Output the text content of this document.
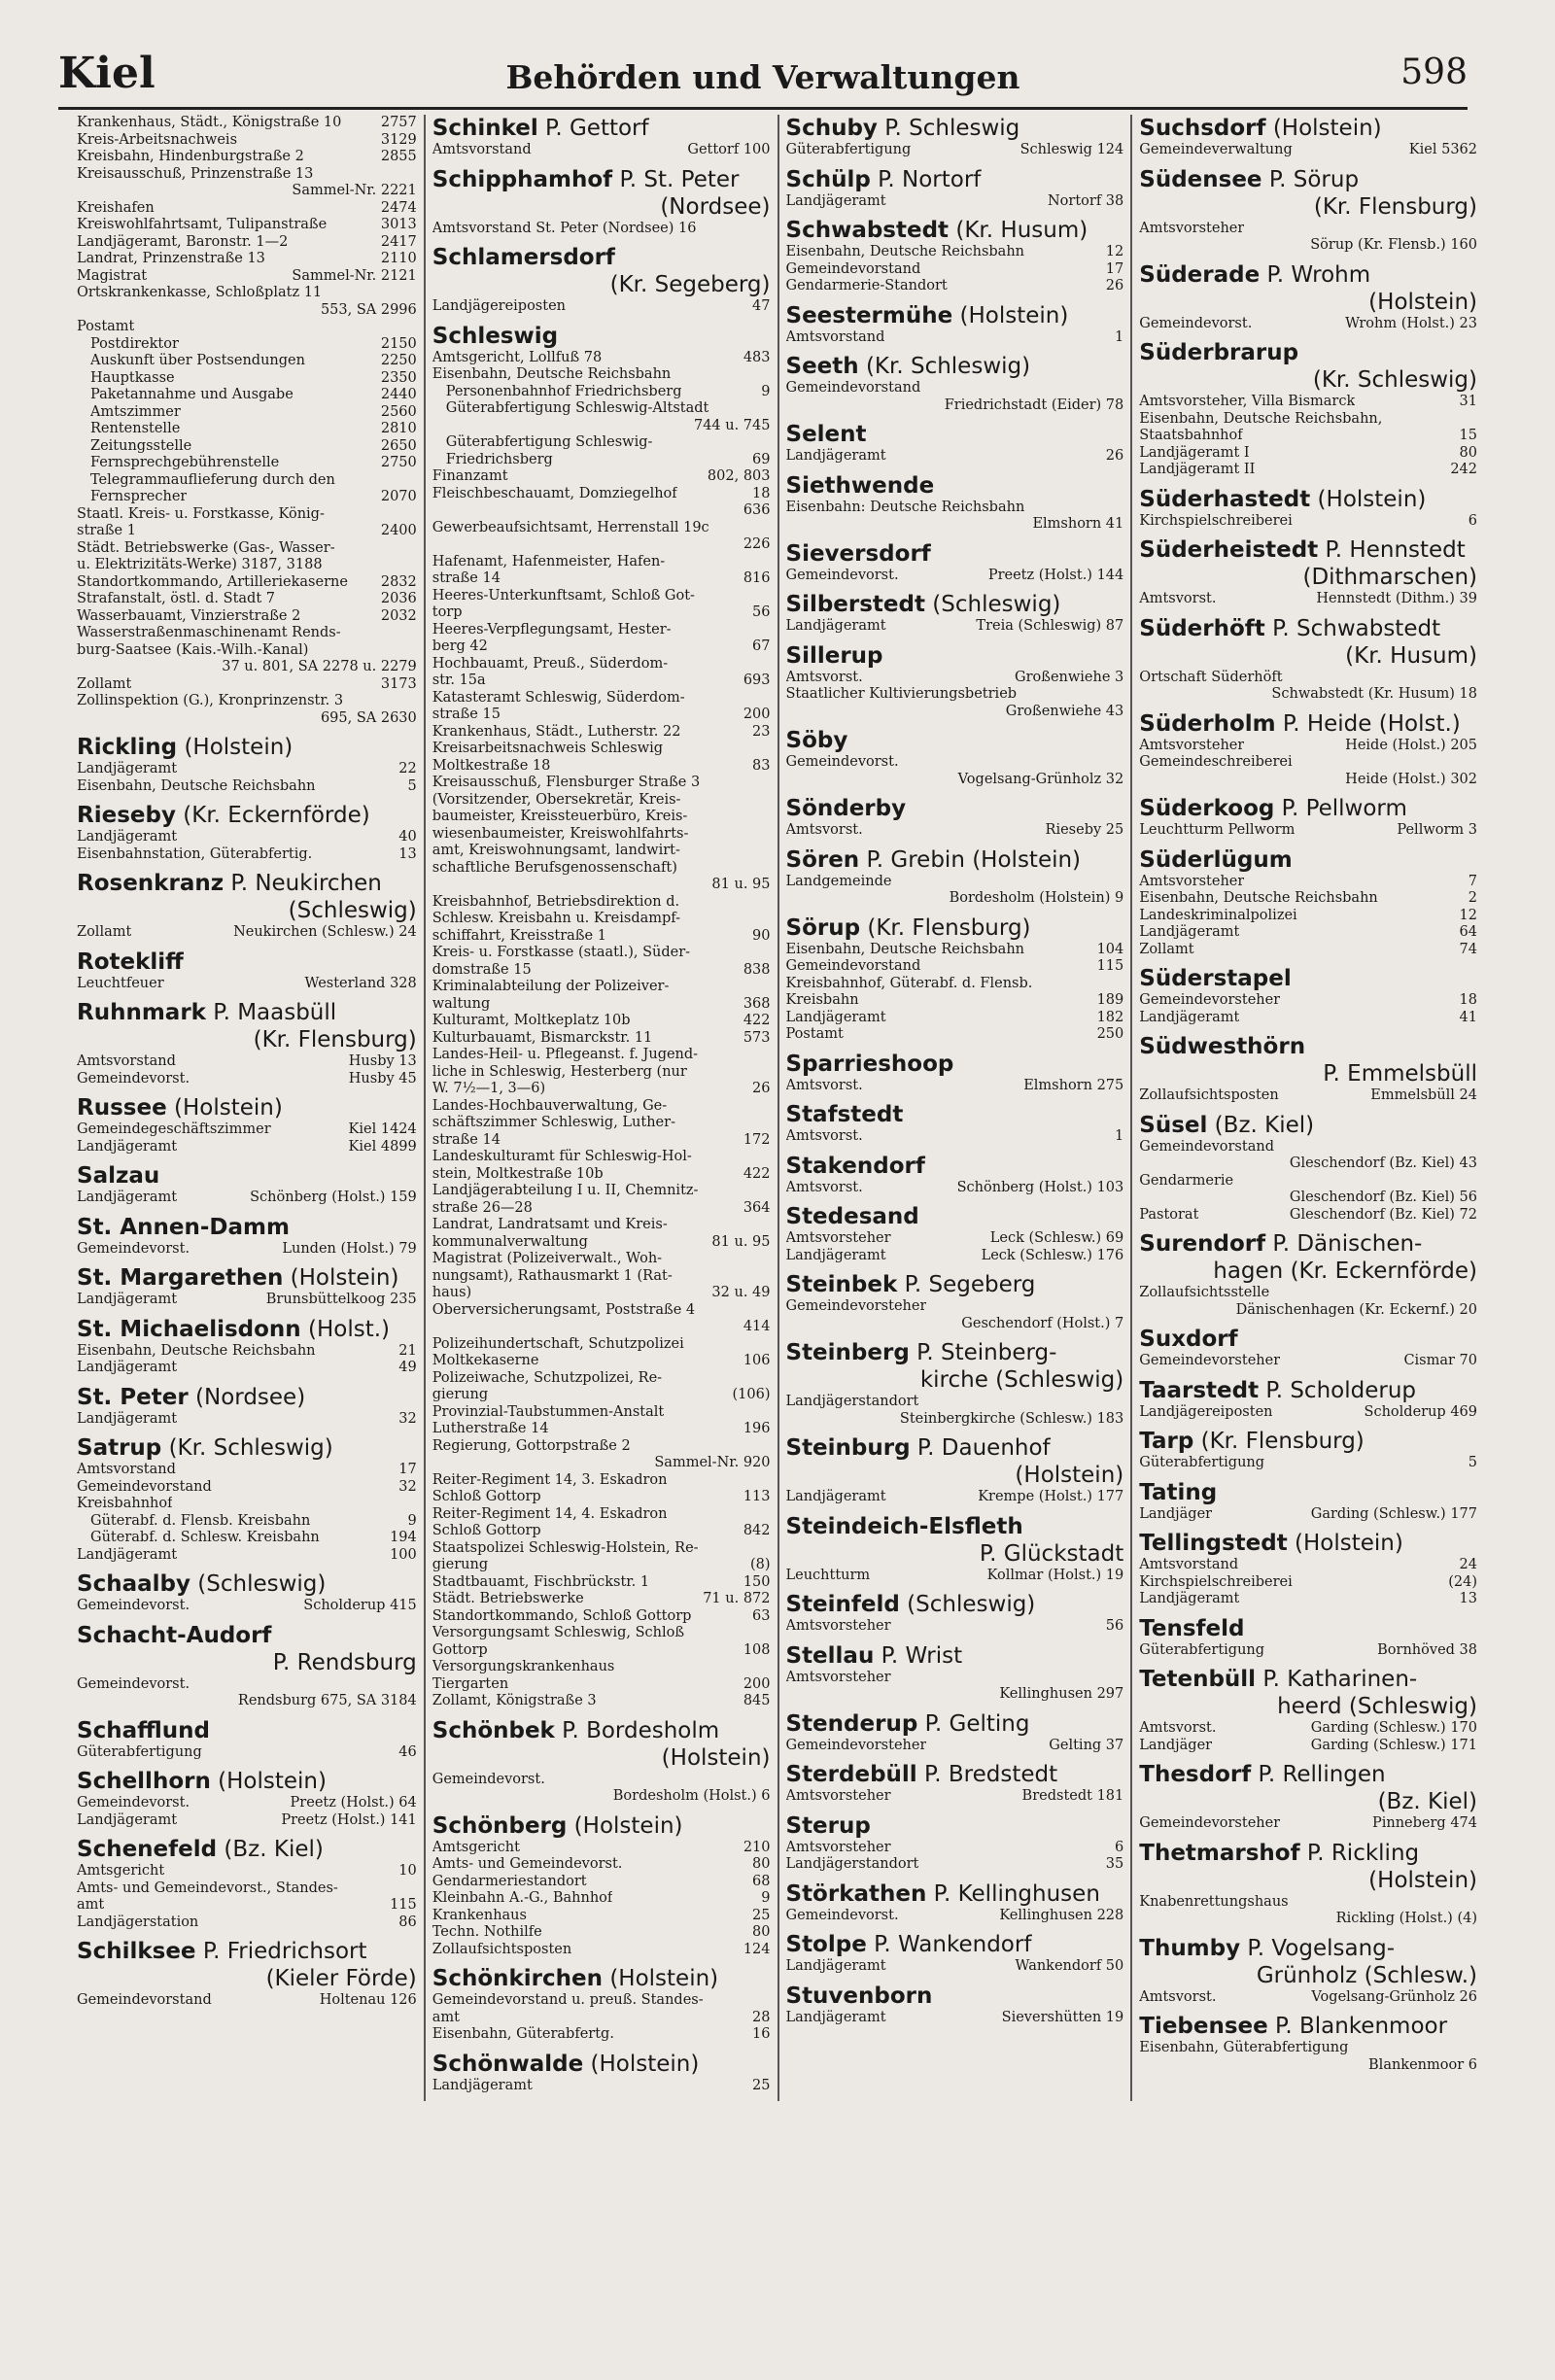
Kiel	Behörden und Verwaltungen	598
Krankenhaus, Städt., Königstraße 10	2757
Kreis-Arbeitsnachweis	3129
Kreisbahn, Hindenburgstraße 2	2855
Kreisausschuß, Prinzenstraße 13
Sammel-Nr. 2221
Kreishafen	2474
Kreiswohlfahrtsamt, Tulipanstraße	3013
Landjägeramt, Baronstr. 1—2	2417
Landrat, Prinzenstraße 13	2110
Magistrat	Sammel-Nr. 2121
Ortskrankenkasse, Schloßplatz 11
553, SA 2996
Postamt
Postdirektor	2150
Auskunft über Postsendungen	2250
Hauptkasse	2350
Paketannahme und Ausgabe	2440
Amtszimmer	2560
Rentenstelle	2810
Zeitungsstelle	2650
Fernsprechgebührenstelle	2750
Telegrammauflieferung durch den
Fernsprecher	2070
Staatl. Kreis- u. Forstkasse, König-
straße 1	2400
Städt. Betriebswerke (Gas-, Wasser-
u. Elektrizitäts-Werke) 3187, 3188
Standortkommando, Artilleriekaserne	2832
Strafanstalt, östl. d. Stadt 7	2036
Wasserbauamt, Vinzierstraße 2	2032
Wasserstraßenmaschinenamt Rends-
burg-Saatsee (Kais.-Wilh.-Kanal)
37 u. 801, SA 2278 u. 2279
Zollamt	3173
Zollinspektion (G.), Kronprinzenstr. 3
695, SA 2630
Rickling (Holstein)
Landjägeramt	22
Eisenbahn, Deutsche Reichsbahn	5
Rieseby (Kr. Eckernförde)
Landjägeramt	40
Eisenbahnstation, Güterabfertig.	13
Rosenkranz P. Neukirchen
(Schleswig)
Zollamt	Neukirchen (Schlesw.) 24
Rotekliff
Leuchtfeuer	Westerland 328
Ruhnmark P. Maasbüll
(Kr. Flensburg)
Amtsvorstand	Husby 13
Gemeindevorst.	Husby 45
Russee (Holstein)
Gemeindegeschäftszimmer	Kiel 1424
Landjägeramt	Kiel 4899
Salzau
Landjägeramt	Schönberg (Holst.) 159
St. Annen-Damm
Gemeindevorst.	Lunden (Holst.) 79
St. Margarethen (Holstein)
Landjägeramt	Brunsbüttelkoog 235
St. Michaelisdonn (Holst.)
Eisenbahn, Deutsche Reichsbahn	21
Landjägeramt	49
St. Peter (Nordsee)
Landjägeramt	32
Satrup (Kr. Schleswig)
Amtsvorstand	17
Gemeindevorstand	32
Kreisbahnhof
Güterabf. d. Flensb. Kreisbahn	9
Güterabf. d. Schlesw. Kreisbahn	194
Landjägeramt	100
Schaalby (Schleswig)
Gemeindevorst.	Scholderup 415
Schacht-Audorf
P. Rendsburg
Gemeindevorst.
Rendsburg 675, SA 3184
Schafflund
Güterabfertigung	46
Schellhorn (Holstein)
Gemeindevorst.	Preetz (Holst.) 64
Landjägeramt	Preetz (Holst.) 141
Schenefeld (Bz. Kiel)
Amtsgericht	10
Amts- und Gemeindevorst., Standes-
amt	115
Landjägerstation	86
Schilksee P. Friedrichsort
(Kieler Förde)
Gemeindevorstand	Holtenau 126
Schinkel P. Gettorf
Amtsvorstand	Gettorf 100
Schipphamhof P. St. Peter
(Nordsee)
Amtsvorstand St. Peter (Nordsee) 16
Schlamersdorf
(Kr. Segeberg)
Landjägereiposten	47
Schleswig
Amtsgericht, Lollfuß 78	483
Eisenbahn, Deutsche Reichsbahn
Personenbahnhof Friedrichsberg	9
Güterabfertigung Schleswig-Altstadt
744 u. 745
Güterabfertigung Schleswig-
Friedrichsberg	69
Finanzamt	802, 803
Fleischbeschauamt, Domziegelhof	18
636
Gewerbeaufsichtsamt, Herrenstall 19c
226
Hafenamt, Hafenmeister, Hafen-
straße 14	816
Heeres-Unterkunftsamt, Schloß Got-
torp	56
Heeres-Verpflegungsamt, Hester-
berg 42	67
Hochbauamt, Preuß., Süderdom-
str. 15a	693
Katasteramt Schleswig, Süderdom-
straße 15	200
Krankenhaus, Städt., Lutherstr. 22	23
Kreisarbeitsnachweis Schleswig
Moltkestraße 18	83
Kreisausschuß, Flensburger Straße 3
(Vorsitzender, Obersekretär, Kreis-
baumeister, Kreissteuerbüro, Kreis-
wiesenbaumeister, Kreiswohlfahrts-
amt, Kreiswohnungsamt, landwirt-
schaftliche Berufsgenossenschaft)
81 u. 95
Kreisbahnhof, Betriebsdirektion d.
Schlesw. Kreisbahn u. Kreisdampf-
schiffahrt, Kreisstraße 1	90
Kreis- u. Forstkasse (staatl.), Süder-
domstraße 15	838
Kriminalabteilung der Polizeiver-
waltung	368
Kulturamt, Moltkeplatz 10b	422
Kulturbauamt, Bismarckstr. 11	573
Landes-Heil- u. Pflegeanst. f. Jugend-
liche in Schleswig, Hesterberg (nur
W. 7½—1, 3—6)	26
Landes-Hochbauverwaltung, Ge-
schäftszimmer Schleswig, Luther-
straße 14	172
Landeskulturamt für Schleswig-Hol-
stein, Moltkestraße 10b	422
Landjägerabteilung I u. II, Chemnitz-
straße 26—28	364
Landrat, Landratsamt und Kreis-
kommunalverwaltung	81 u. 95
Magistrat (Polizeiverwalt., Woh-
nungsamt), Rathausmarkt 1 (Rat-
haus)	32 u. 49
Oberversicherungsamt, Poststraße 4
414
Polizeihundertschaft, Schutzpolizei
Moltkekaserne	106
Polizeiwache, Schutzpolizei, Re-
gierung	(106)
Provinzial-Taubstummen-Anstalt
Lutherstraße 14	196
Regierung, Gottorpstraße 2
Sammel-Nr. 920
Reiter-Regiment 14, 3. Eskadron
Schloß Gottorp	113
Reiter-Regiment 14, 4. Eskadron
Schloß Gottorp	842
Staatspolizei Schleswig-Holstein, Re-
gierung	(8)
Stadtbauamt, Fischbrückstr. 1	150
Städt. Betriebswerke	71 u. 872
Standortkommando, Schloß Gottorp	63
Versorgungsamt Schleswig, Schloß
Gottorp	108
Versorgungskrankenhaus
Tiergarten	200
Zollamt, Königstraße 3	845
Schönbek P. Bordesholm
(Holstein)
Gemeindevorst.
Bordesholm (Holst.) 6
Schönberg (Holstein)
Amtsgericht	210
Amts- und Gemeindevorst.	80
Gendarmeriestandort	68
Kleinbahn A.-G., Bahnhof	9
Krankenhaus	25
Techn. Nothilfe	80
Zollaufsichtsposten	124
Schönkirchen (Holstein)
Gemeindevorstand u. preuß. Standes-
amt	28
Eisenbahn, Güterabfertg.	16
Schönwalde (Holstein)
Landjägeramt	25
Schuby P. Schleswig
Güterabfertigung	Schleswig 124
Schülp P. Nortorf
Landjägeramt	Nortorf 38
Schwabstedt (Kr. Husum)
Eisenbahn, Deutsche Reichsbahn	12
Gemeindevorstand	17
Gendarmerie-Standort	26
Seestermühe (Holstein)
Amtsvorstand	1
Seeth (Kr. Schleswig)
Gemeindevorstand
Friedrichstadt (Eider) 78
Selent
Landjägeramt	26
Siethwende
Eisenbahn: Deutsche Reichsbahn
Elmshorn 41
Sieversdorf
Gemeindevorst.	Preetz (Holst.) 144
Silberstedt (Schleswig)
Landjägeramt	Treia (Schleswig) 87
Sillerup
Amtsvorst.	Großenwiehe 3
Staatlicher Kultivierungsbetrieb
Großenwiehe 43
Söby
Gemeindevorst.
Vogelsang-Grünholz 32
Sönderby
Amtsvorst.	Rieseby 25
Sören P. Grebin (Holstein)
Landgemeinde
Bordesholm (Holstein) 9
Sörup (Kr. Flensburg)
Eisenbahn, Deutsche Reichsbahn	104
Gemeindevorstand	115
Kreisbahnhof, Güterabf. d. Flensb.
Kreisbahn	189
Landjägeramt	182
Postamt	250
Sparrieshoop
Amtsvorst.	Elmshorn 275
Stafstedt
Amtsvorst.	1
Stakendorf
Amtsvorst.	Schönberg (Holst.) 103
Stedesand
Amtsvorsteher	Leck (Schlesw.) 69
Landjägeramt	Leck (Schlesw.) 176
Steinbek P. Segeberg
Gemeindevorsteher
Geschendorf (Holst.) 7
Steinberg P. Steinberg-
kirche (Schleswig)
Landjägerstandort
Steinbergkirche (Schlesw.) 183
Steinburg P. Dauenhof
(Holstein)
Landjägeramt	Krempe (Holst.) 177
Steindeich-Elsfleth
P. Glückstadt
Leuchtturm	Kollmar (Holst.) 19
Steinfeld (Schleswig)
Amtsvorsteher	56
Stellau P. Wrist
Amtsvorsteher
Kellinghusen 297
Stenderup P. Gelting
Gemeindevorsteher	Gelting 37
Sterdebüll P. Bredstedt
Amtsvorsteher	Bredstedt 181
Sterup
Amtsvorsteher	6
Landjägerstandort	35
Störkathen P. Kellinghusen
Gemeindevorst.	Kellinghusen 228
Stolpe P. Wankendorf
Landjägeramt	Wankendorf 50
Stuvenborn
Landjägeramt	Sievershütten 19
Suchsdorf (Holstein)
Gemeindeverwaltung	Kiel 5362
Südensee P. Sörup
(Kr. Flensburg)
Amtsvorsteher
Sörup (Kr. Flensb.) 160
Süderade P. Wrohm
(Holstein)
Gemeindevorst.	Wrohm (Holst.) 23
Süderbrarup
(Kr. Schleswig)
Amtsvorsteher, Villa Bismarck	31
Eisenbahn, Deutsche Reichsbahn,
Staatsbahnhof	15
Landjägeramt I	80
Landjägeramt II	242
Süderhastedt (Holstein)
Kirchspielschreiberei	6
Süderheistedt P. Hennstedt
(Dithmarschen)
Amtsvorst.	Hennstedt (Dithm.) 39
Süderhöft P. Schwabstedt
(Kr. Husum)
Ortschaft Süderhöft
Schwabstedt (Kr. Husum) 18
Süderholm P. Heide (Holst.)
Amtsvorsteher	Heide (Holst.) 205
Gemeindeschreiberei
Heide (Holst.) 302
Süderkoog P. Pellworm
Leuchtturm Pellworm	Pellworm 3
Süderlügum
Amtsvorsteher	7
Eisenbahn, Deutsche Reichsbahn	2
Landeskriminalpolizei	12
Landjägeramt	64
Zollamt	74
Süderstapel
Gemeindevorsteher	18
Landjägeramt	41
Südwesthörn
P. Emmelsbüll
Zollaufsichtsposten	Emmelsbüll 24
Süsel (Bz. Kiel)
Gemeindevorstand
Gleschendorf (Bz. Kiel) 43
Gendarmerie
Gleschendorf (Bz. Kiel) 56
Pastorat	Gleschendorf (Bz. Kiel) 72
Surendorf P. Dänischen-
hagen (Kr. Eckernförde)
Zollaufsichtsstelle
Dänischenhagen (Kr. Eckernf.) 20
Suxdorf
Gemeindevorsteher	Cismar 70
Taarstedt P. Scholderup
Landjägereiposten	Scholderup 469
Tarp (Kr. Flensburg)
Güterabfertigung	5
Tating
Landjäger	Garding (Schlesw.) 177
Tellingstedt (Holstein)
Amtsvorstand	24
Kirchspielschreiberei	(24)
Landjägeramt	13
Tensfeld
Güterabfertigung	Bornhöved 38
Tetenbüll P. Katharinen-
heerd (Schleswig)
Amtsvorst.	Garding (Schlesw.) 170
Landjäger	Garding (Schlesw.) 171
Thesdorf P. Rellingen
(Bz. Kiel)
Gemeindevorsteher	Pinneberg 474
Thetmarshof P. Rickling
(Holstein)
Knabenrettungshaus
Rickling (Holst.) (4)
Thumby P. Vogelsang-
Grünholz (Schlesw.)
Amtsvorst.	Vogelsang-Grünholz 26
Tiebensee P. Blankenmoor
Eisenbahn, Güterabfertigung
Blankenmoor 6
